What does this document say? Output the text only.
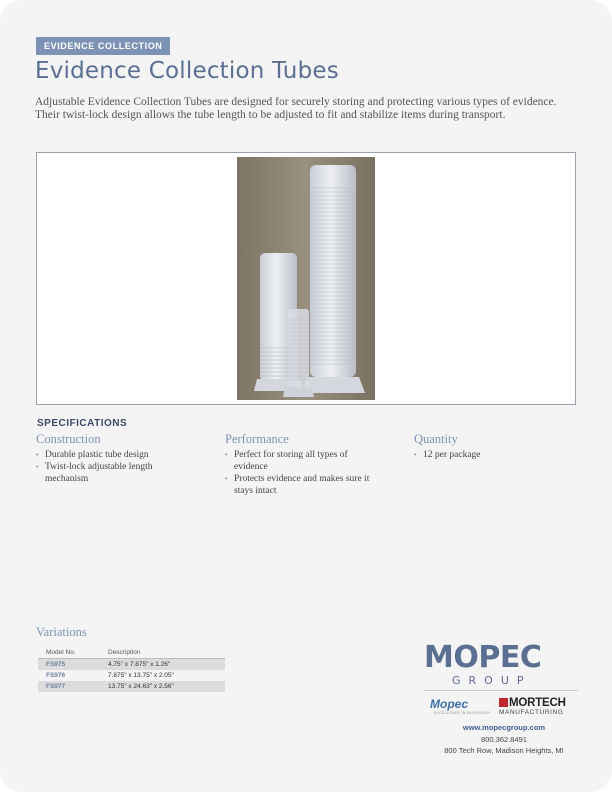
EVIDENCE COLLECTION
Evidence Collection Tubes

Adjustable Evidence Collection Tubes are designed for securely storing and protecting various types of evidence. Their twist-lock design allows the tube length to be adjusted to fit and stabilize items during transport.

SPECIFICATIONS
Construction
• Durable plastic tube design
• Twist-lock adjustable length mechanism
Performance
• Perfect for storing all types of evidence
• Protects evidence and makes sure it stays intact
Quantity
• 12 per package
Variations
Model No.	Description
FS975	4.75" x 7.875" x 1.26"
FS976	7.875" x 13.75" x 2.05"
FS977	13.75" x 24.63" x 2.56"
MOPEC
GROUP
Mopec
EXCELLENCE IN PATHOLOGY
MORTECH
MANUFACTURING
www.mopecgroup.com
800.362.8491
800 Tech Row, Madison Heights, MI
